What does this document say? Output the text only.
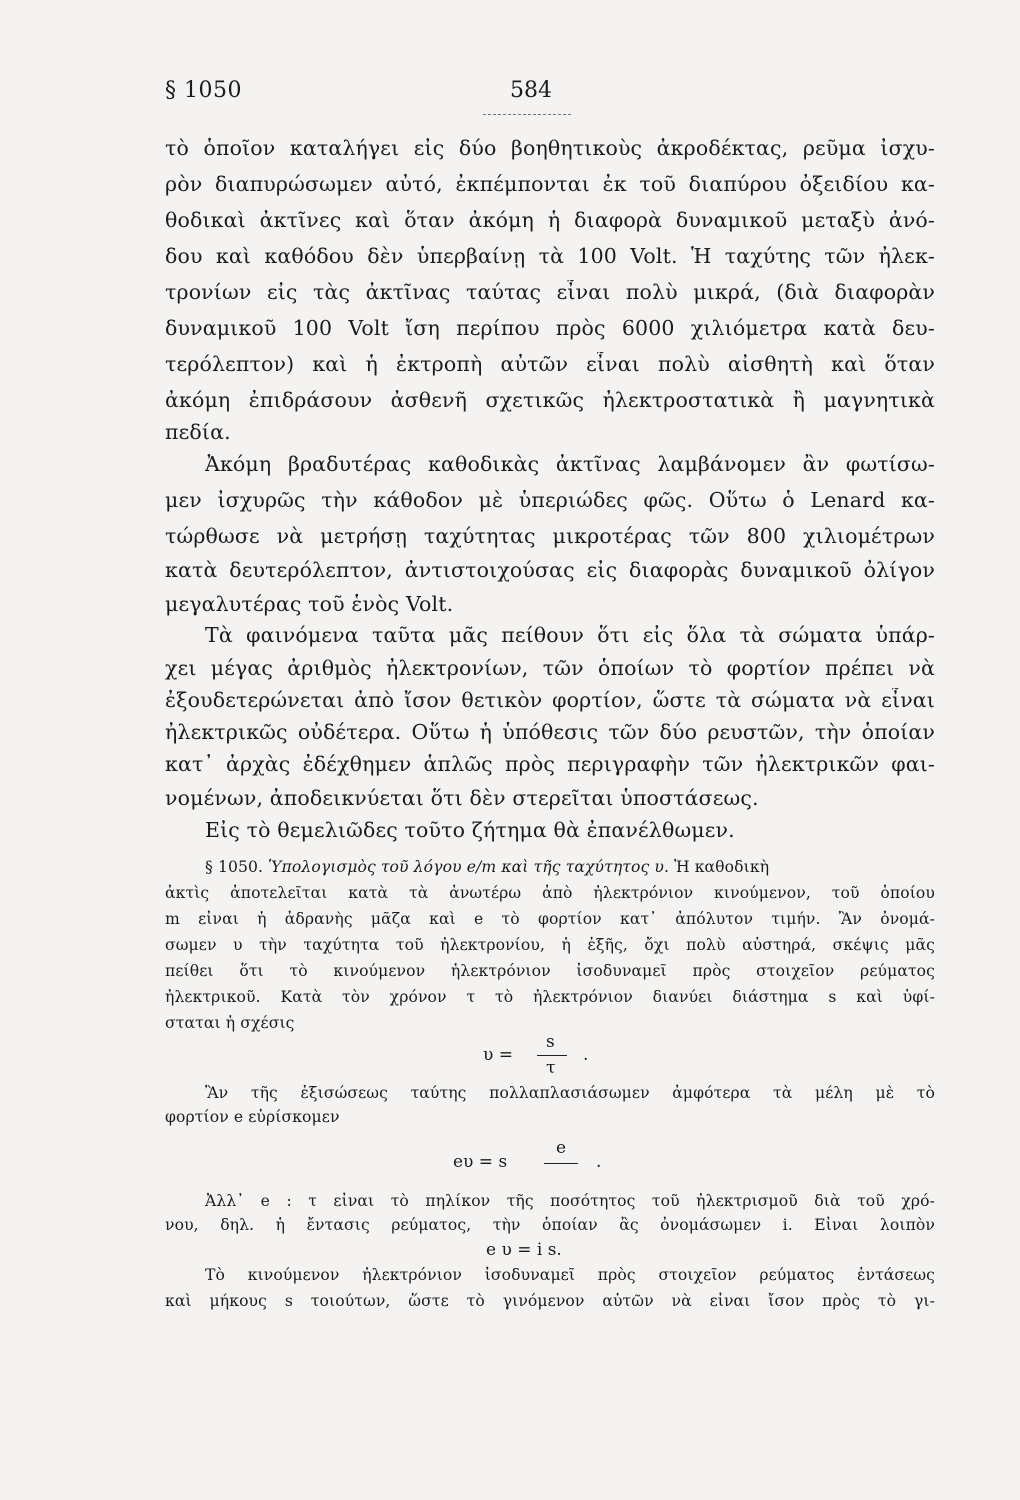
§ 1050	584
τὸ ὁποῖον καταλήγει εἰς δύο βοηθητικοὺς ἀκροδέκτας, ρεῦμα ἰσχυ-
ρὸν διαπυρώσωμεν αὐτό, ἐκπέμπονται ἐκ τοῦ διαπύρου ὀξειδίου κα-
θοδικαὶ ἀκτῖνες καὶ ὅταν ἀκόμη ἡ διαφορὰ δυναμικοῦ μεταξὺ ἀνό-
δου καὶ καθόδου δὲν ὑπερβαίνῃ τὰ 100 Volt. Ἡ ταχύτης τῶν ἠλεκ-
τρονίων εἰς τὰς ἀκτῖνας ταύτας εἶναι πολὺ μικρά, (διὰ διαφορὰν
δυναμικοῦ 100 Volt ἴση περίπου πρὸς 6000 χιλιόμετρα κατὰ δευ-
τερόλεπτον) καὶ ἡ ἐκτροπὴ αὐτῶν εἶναι πολὺ αἰσθητὴ καὶ ὅταν
ἀκόμη ἐπιδράσουν ἀσθενῆ σχετικῶς ἠλεκτροστατικὰ ἢ μαγνητικὰ
πεδία.
Ἀκόμη βραδυτέρας καθοδικὰς ἀκτῖνας λαμβάνομεν ἂν φωτίσω-
μεν ἰσχυρῶς τὴν κάθοδον μὲ ὑπεριώδες φῶς. Οὕτω ὁ Lenard κα-
τώρθωσε νὰ μετρήσῃ ταχύτητας μικροτέρας τῶν 800 χιλιομέτρων
κατὰ δευτερόλεπτον, ἀντιστοιχούσας εἰς διαφορὰς δυναμικοῦ ὀλίγον
μεγαλυτέρας τοῦ ἑνὸς Volt.
Τὰ φαινόμενα ταῦτα μᾶς πείθουν ὅτι εἰς ὅλα τὰ σώματα ὑπάρ-
χει μέγας ἀριθμὸς ἠλεκτρονίων, τῶν ὁποίων τὸ φορτίον πρέπει νὰ
ἐξουδετερώνεται ἀπὸ ἴσον θετικὸν φορτίον, ὥστε τὰ σώματα νὰ εἶναι
ἠλεκτρικῶς οὐδέτερα. Οὕτω ἡ ὑπόθεσις τῶν δύο ρευστῶν, τὴν ὁποίαν
κατ᾽ ἀρχὰς ἐδέχθημεν ἁπλῶς πρὸς περιγραφὴν τῶν ἠλεκτρικῶν φαι-
νομένων, ἀποδεικνύεται ὅτι δὲν στερεῖται ὑποστάσεως.
Εἰς τὸ θεμελιῶδες τοῦτο ζήτημα θὰ ἐπανέλθωμεν.
§ 1050. Ὑπολογισμὸς τοῦ λόγου e/m καὶ τῆς ταχύτητος υ. Ἡ καθοδικὴ
ἀκτὶς ἀποτελεῖται κατὰ τὰ ἀνωτέρω ἀπὸ ἠλεκτρόνιον κινούμενον, τοῦ ὁποίου
m εἶναι ἡ ἀδρανὴς μᾶζα καὶ e τὸ φορτίον κατ᾽ ἀπόλυτον τιμήν. Ἂν ὀνομά-
σωμεν υ τὴν ταχύτητα τοῦ ἠλεκτρονίου, ἡ ἑξῆς, ὄχι πολὺ αὐστηρά, σκέψις μᾶς
πείθει ὅτι τὸ κινούμενον ἠλεκτρόνιον ἰσοδυναμεῖ πρὸς στοιχεῖον ρεύματος
ἠλεκτρικοῦ. Κατὰ τὸν χρόνον τ τὸ ἠλεκτρόνιον διανύει διάστημα s καὶ ὑφί-
σταται ἡ σχέσις
υ =
s
τ
.
Ἂν τῆς ἐξισώσεως ταύτης πολλαπλασιάσωμεν ἀμφότερα τὰ μέλη μὲ τὸ
φορτίον e εὑρίσκομεν
eυ = s
e
.
Ἀλλ᾽ e : τ εἶναι τὸ πηλίκον τῆς ποσότητος τοῦ ἠλεκτρισμοῦ διὰ τοῦ χρό-
νου, δηλ. ἡ ἔντασις ρεύματος, τὴν ὁποίαν ἂς ὀνομάσωμεν i. Εἶναι λοιπὸν
e υ = i s.
Τὸ κινούμενον ἠλεκτρόνιον ἰσοδυναμεῖ πρὸς στοιχεῖον ρεύματος ἐντάσεως
καὶ μήκους s τοιούτων, ὥστε τὸ γινόμενον αὐτῶν νὰ εἶναι ἴσον πρὸς τὸ γι-
